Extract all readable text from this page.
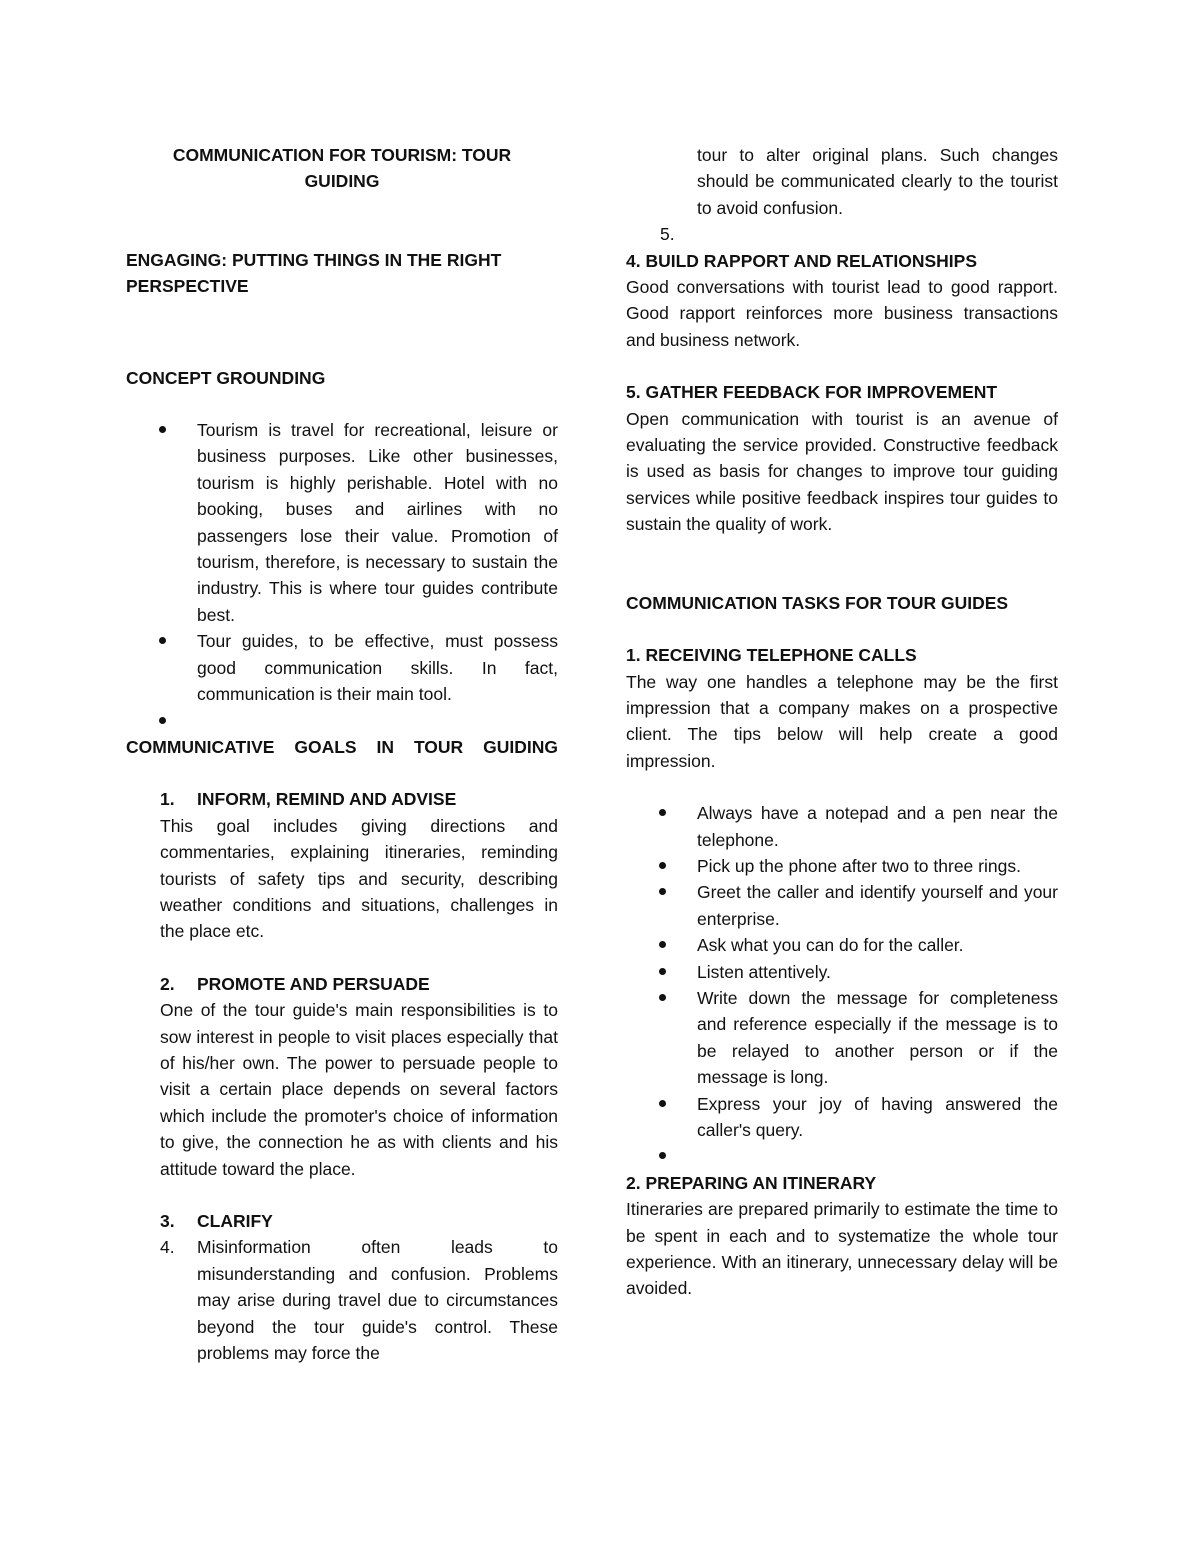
COMMUNICATION FOR TOURISM: TOUR

GUIDING

ENGAGING: PUTTING THINGS IN THE RIGHT

PERSPECTIVE

CONCEPT GROUNDING

Tourism is travel for recreational, leisure or business purposes. Like other businesses, tourism is highly perishable. Hotel with no booking, buses and airlines with no passengers lose their value. Promotion of tourism, therefore, is necessary to sustain the industry. This is where tour guides contribute best.
Tour guides, to be effective, must possess good communication skills. In fact, communication is their main tool.

COMMUNICATIVE GOALS IN TOUR GUIDING

1. INFORM, REMIND AND ADVISE

This goal includes giving directions and commentaries, explaining itineraries, reminding tourists of safety tips and security, describing weather conditions and situations, challenges in the place etc.

2. PROMOTE AND PERSUADE

One of the tour guide's main responsibilities is to sow interest in people to visit places especially that of his/her own. The power to persuade people to visit a certain place depends on several factors which include the promoter's choice of information to give, the connection he as with clients and his attitude toward the place.

3. CLARIFY

4. Misinformation often leads to misunderstanding and confusion. Problems may arise during travel due to circumstances beyond the tour guide's control. These problems may force the

tour to alter original plans. Such changes should be communicated clearly to the tourist to avoid confusion.

5.

4. BUILD RAPPORT AND RELATIONSHIPS

Good conversations with tourist lead to good rapport. Good rapport reinforces more business transactions and business network.

5. GATHER FEEDBACK FOR IMPROVEMENT

Open communication with tourist is an avenue of evaluating the service provided. Constructive feedback is used as basis for changes to improve tour guiding services while positive feedback inspires tour guides to sustain the quality of work.

COMMUNICATION TASKS FOR TOUR GUIDES

1. RECEIVING TELEPHONE CALLS

The way one handles a telephone may be the first impression that a company makes on a prospective client. The tips below will help create a good impression.

Always have a notepad and a pen near the telephone.
Pick up the phone after two to three rings.
Greet the caller and identify yourself and your enterprise.
Ask what you can do for the caller.
Listen attentively.
Write down the message for completeness and reference especially if the message is to be relayed to another person or if the message is long.
Express your joy of having answered the caller's query.

2. PREPARING AN ITINERARY

Itineraries are prepared primarily to estimate the time to be spent in each and to systematize the whole tour experience. With an itinerary, unnecessary delay will be avoided.
